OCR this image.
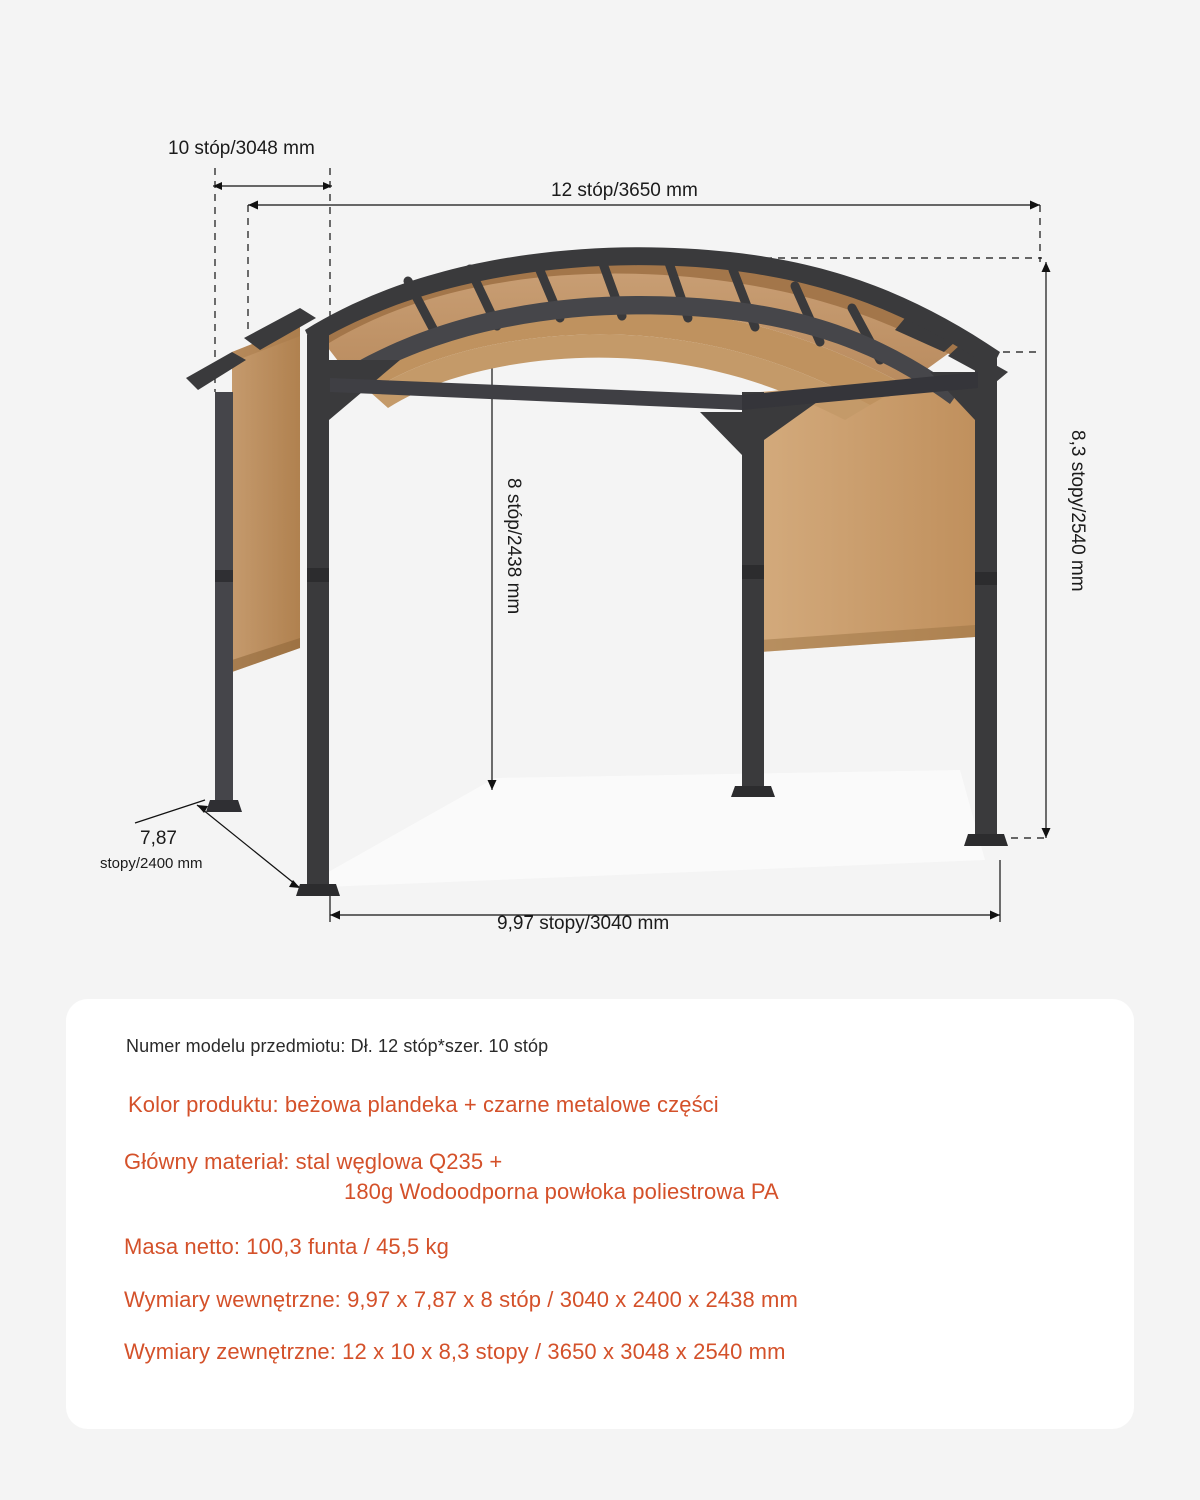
10 stóp/3048 mm
12 stóp/3650 mm
8 stóp/2438 mm	8,3 stopy/2540 mm
7,87
stopy/2400 mm
9,97 stopy/3040 mm
Numer modelu przedmiotu: Dł. 12 stóp*szer. 10 stóp
Kolor produktu: beżowa plandeka + czarne metalowe części
Główny materiał: stal węglowa Q235 +
180g Wodoodporna powłoka poliestrowa PA
Masa netto: 100,3 funta / 45,5 kg
Wymiary wewnętrzne: 9,97 x 7,87 x 8 stóp / 3040 x 2400 x 2438 mm
Wymiary zewnętrzne: 12 x 10 x 8,3 stopy / 3650 x 3048 x 2540 mm
